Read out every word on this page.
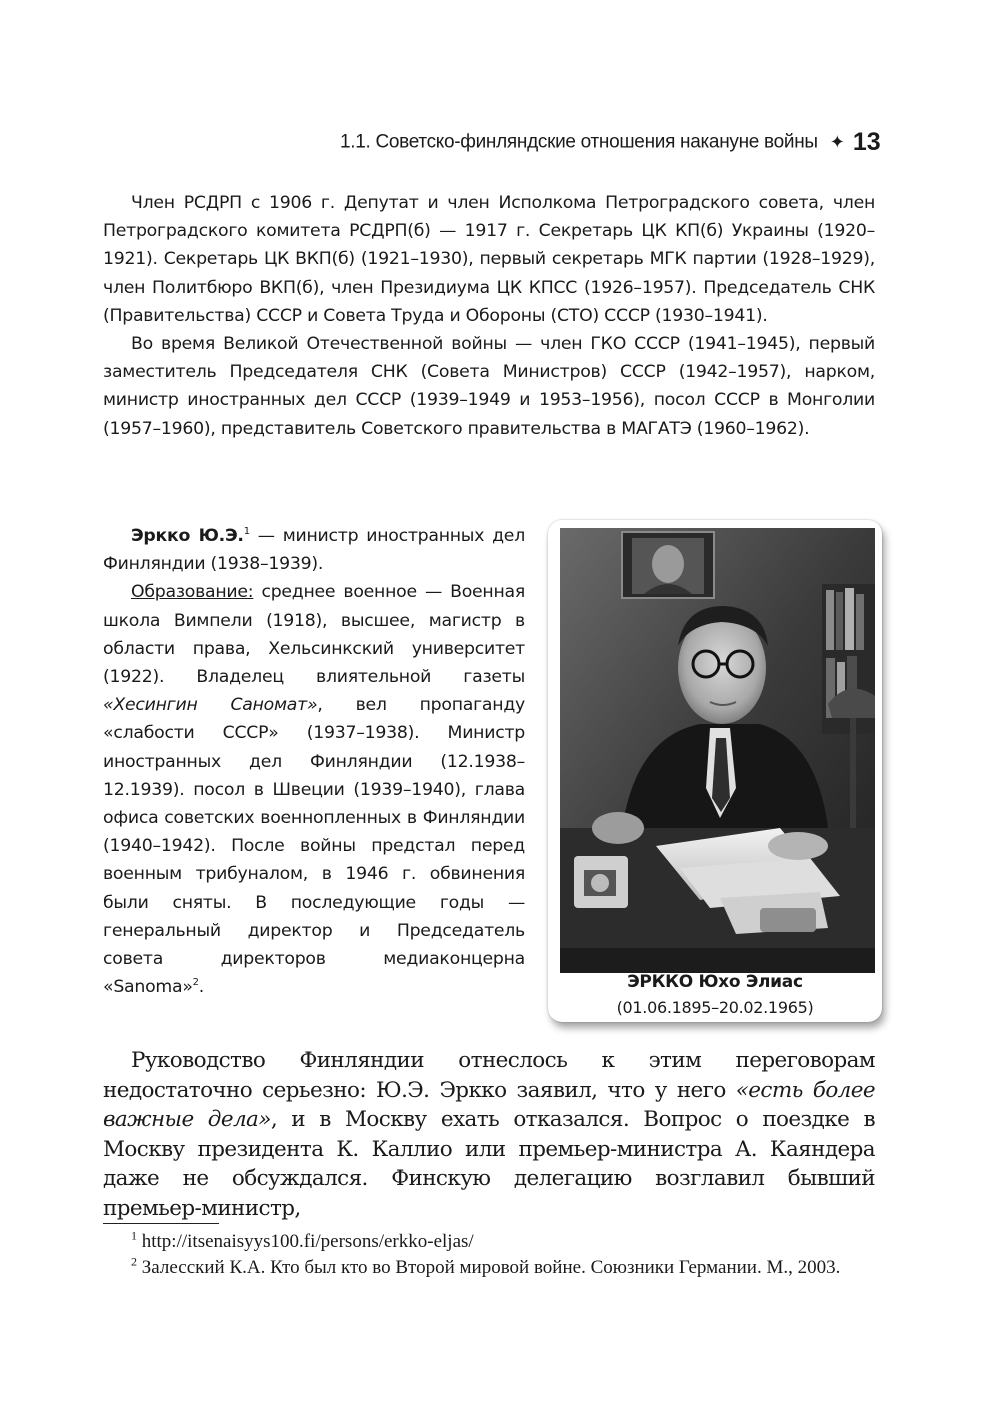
1.1. Советско-финляндские отношения накануне войны ✦ 13

Член РСДРП с 1906 г. Депутат и член Исполкома Петроградского совета, член Петроградского комитета РСДРП(б) — 1917 г. Секретарь ЦК КП(б) Украины (1920–1921). Секретарь ЦК ВКП(б) (1921–1930), первый секретарь МГК партии (1928–1929), член Политбюро ВКП(б), член Президиума ЦК КПСС (1926–1957). Председатель СНК (Правительства) СССР и Совета Труда и Обороны (СТО) СССР (1930–1941).

Во время Великой Отечественной войны — член ГКО СССР (1941–1945), первый заместитель Председателя СНК (Совета Министров) СССР (1942–1957), нарком, министр иностранных дел СССР (1939–1949 и 1953–1956), посол СССР в Монголии (1957–1960), представитель Советского правительства в МАГАТЭ (1960–1962).

Эркко Ю.Э.$^1$ — министр иностранных дел Финляндии (1938–1939).

Образование: среднее военное — Военная школа Вимпели (1918), высшее, магистр в области права, Хельсинкский университет (1922). Владелец влиятельной газеты «Хесингин Саномат», вел пропаганду «слабости СССР» (1937–1938). Министр иностранных дел Финляндии (12.1938–12.1939). посол в Швеции (1939–1940), глава офиса советских военнопленных в Финляндии (1940–1942). После войны предстал перед военным трибуналом, в 1946 г. обвинения были сняты. В последующие годы — генеральный директор и Председатель совета директоров медиаконцерна «Sanoma»$^2$.	ЭРККО Юхо Элиас
(01.06.1895–20.02.1965)

Руководство Финляндии отнеслось к этим переговорам недостаточно серьезно: Ю.Э. Эркко заявил, что у него «есть более важные дела», и в Москву ехать отказался. Вопрос о поездке в Москву президента К. Каллио или премьер-министра А. Каяндера даже не обсуждался. Финскую делегацию возглавил бывший премьер-министр,

$^1$ http://itsenaisyys100.fi/persons/erkko-eljas/

$^2$ Залесский К.А. Кто был кто во Второй мировой войне. Союзники Германии. М., 2003.
